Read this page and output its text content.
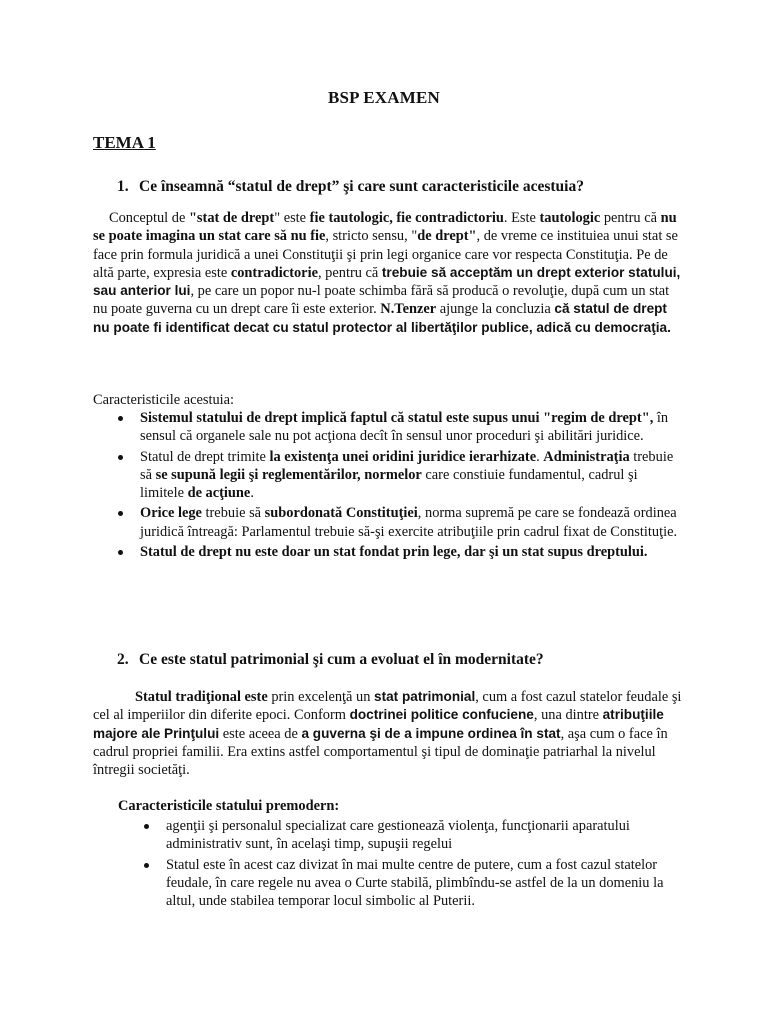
BSP EXAMEN
TEMA 1
1. Ce înseamnă “statul de drept” şi care sunt caracteristicile acestuia?
Conceptul de "stat de drept" este fie tautologic, fie contradictoriu. Este tautologic pentru că nu se poate imagina un stat care să nu fie, stricto sensu, "de drept", de vreme ce instituiea unui stat se face prin formula juridică a unei Constituţii şi prin legi organice care vor respecta Constituţia. Pe de altă parte, expresia este contradictorie, pentru că trebuie să acceptăm un drept exterior statului, sau anterior lui, pe care un popor nu-l poate schimba fără să producă o revoluţie, după cum un stat nu poate guverna cu un drept care îi este exterior. N.Tenzer ajunge la concluzia că statul de drept nu poate fi identificat decat cu statul protector al libertăţilor publice, adică cu democraţia.
Caracteristicile acestuia:
Sistemul statului de drept implică faptul că statul este supus unui "regim de drept", în sensul că organele sale nu pot acţiona decît în sensul unor proceduri şi abilitări juridice.
Statul de drept trimite la existenţa unei oridini juridice ierarhizate. Administraţia trebuie să se supună legii şi reglementărilor, normelor care constiuie fundamentul, cadrul şi limitele de acţiune.
Orice lege trebuie să subordonată Constituţiei, norma supremă pe care se fondează ordinea juridică întreagă: Parlamentul trebuie să-şi exercite atribuţiile prin cadrul fixat de Constituţie.
Statul de drept nu este doar un stat fondat prin lege, dar şi un stat supus dreptului.
2. Ce este statul patrimonial şi cum a evoluat el în modernitate?
Statul tradiţional este prin excelenţă un stat patrimonial, cum a fost cazul statelor feudale şi cel al imperiilor din diferite epoci. Conform doctrinei politice confuciene, una dintre atribuţiile majore ale Prinţului este aceea de a guverna şi de a impune ordinea în stat, aşa cum o face în cadrul propriei familii. Era extins astfel comportamentul şi tipul de dominaţie patriarhal la nivelul întregii societăţi.
Caracteristicile statului premodern:
agenţii şi personalul specializat care gestionează violenţa, funcţionarii aparatului administrativ sunt, în acelaşi timp, supuşii regelui
Statul este în acest caz divizat în mai multe centre de putere, cum a fost cazul statelor feudale, în care regele nu avea o Curte stabilă, plimbîndu-se astfel de la un domeniu la altul, unde stabilea temporar locul simbolic al Puterii.
